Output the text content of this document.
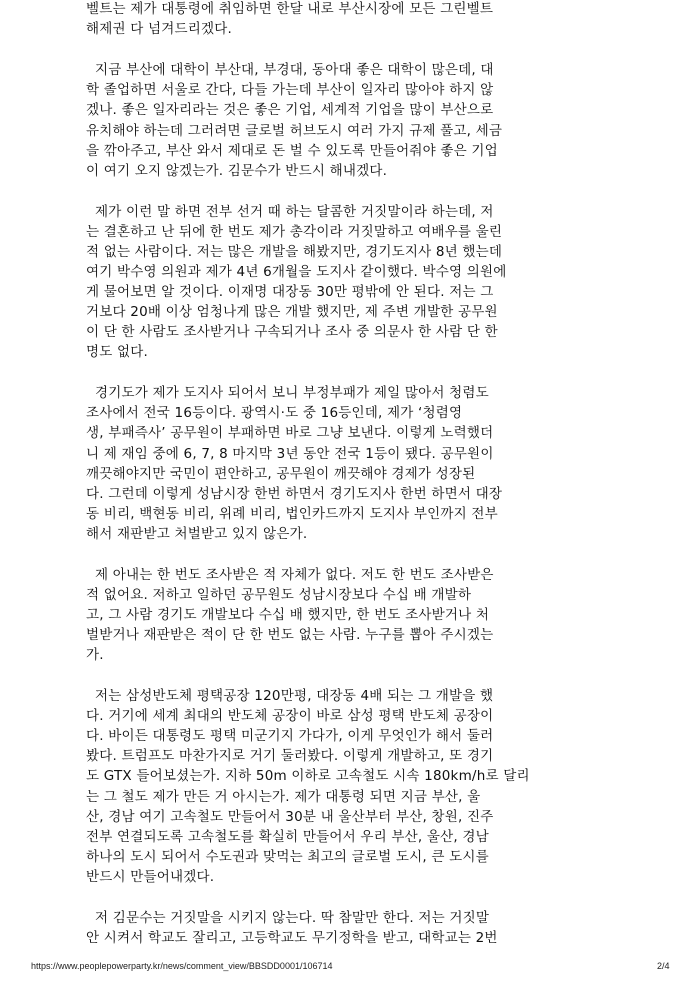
벨트는 제가 대통령에 취임하면 한달 내로 부산시장에 모든 그린벨트
해제권 다 넘겨드리겠다.
지금 부산에 대학이 부산대, 부경대, 동아대 좋은 대학이 많은데, 대
학 졸업하면 서울로 간다, 다들 가는데 부산이 일자리 많아야 하지 않
겠나. 좋은 일자리라는 것은 좋은 기업, 세계적 기업을 많이 부산으로
유치해야 하는데 그러려면 글로벌 허브도시 여러 가지 규제 풀고, 세금
을 깎아주고, 부산 와서 제대로 돈 벌 수 있도록 만들어줘야 좋은 기업
이 여기 오지 않겠는가. 김문수가 반드시 해내겠다.
제가 이런 말 하면 전부 선거 때 하는 달콤한 거짓말이라 하는데, 저
는 결혼하고 난 뒤에 한 번도 제가 총각이라 거짓말하고 여배우를 울린
적 없는 사람이다. 저는 많은 개발을 해봤지만, 경기도지사 8년 했는데
여기 박수영 의원과 제가 4년 6개월을 도지사 같이했다. 박수영 의원에
게 물어보면 알 것이다. 이재명 대장동 30만 평밖에 안 된다. 저는 그
거보다 20배 이상 엄청나게 많은 개발 했지만, 제 주변 개발한 공무원
이 단 한 사람도 조사받거나 구속되거나 조사 중 의문사 한 사람 단 한
명도 없다.
경기도가 제가 도지사 되어서 보니 부정부패가 제일 많아서 청렴도
조사에서 전국 16등이다. 광역시·도 중 16등인데, 제가 ‘청렴영
생, 부패즉사’ 공무원이 부패하면 바로 그냥 보낸다. 이렇게 노력했더
니 제 재임 중에 6, 7, 8 마지막 3년 동안 전국 1등이 됐다. 공무원이
깨끗해야지만 국민이 편안하고, 공무원이 깨끗해야 경제가 성장된
다. 그런데 이렇게 성남시장 한번 하면서 경기도지사 한번 하면서 대장
동 비리, 백현동 비리, 위례 비리, 법인카드까지 도지사 부인까지 전부
해서 재판받고 처벌받고 있지 않은가.
제 아내는 한 번도 조사받은 적 자체가 없다. 저도 한 번도 조사받은
적 없어요. 저하고 일하던 공무원도 성남시장보다 수십 배 개발하
고, 그 사람 경기도 개발보다 수십 배 했지만, 한 번도 조사받거나 처
벌받거나 재판받은 적이 단 한 번도 없는 사람. 누구를 뽑아 주시겠는
가.
저는 삼성반도체 평택공장 120만평, 대장동 4배 되는 그 개발을 했
다. 거기에 세계 최대의 반도체 공장이 바로 삼성 평택 반도체 공장이
다. 바이든 대통령도 평택 미군기지 가다가, 이게 무엇인가 해서 둘러
봤다. 트럼프도 마찬가지로 거기 둘러봤다. 이렇게 개발하고, 또 경기
도 GTX 들어보셨는가. 지하 50m 이하로 고속철도 시속 180km/h로 달리
는 그 철도 제가 만든 거 아시는가. 제가 대통령 되면 지금 부산, 울
산, 경남 여기 고속철도 만들어서 30분 내 울산부터 부산, 창원, 진주
전부 연결되도록 고속철도를 확실히 만들어서 우리 부산, 울산, 경남
하나의 도시 되어서 수도권과 맞먹는 최고의 글로벌 도시, 큰 도시를
반드시 만들어내겠다.
저 김문수는 거짓말을 시키지 않는다. 딱 참말만 한다. 저는 거짓말
안 시켜서 학교도 잘리고, 고등학교도 무기정학을 받고, 대학교는 2번
https://www.peoplepowerparty.kr/news/comment_view/BBSDD0001/106714	2/4
